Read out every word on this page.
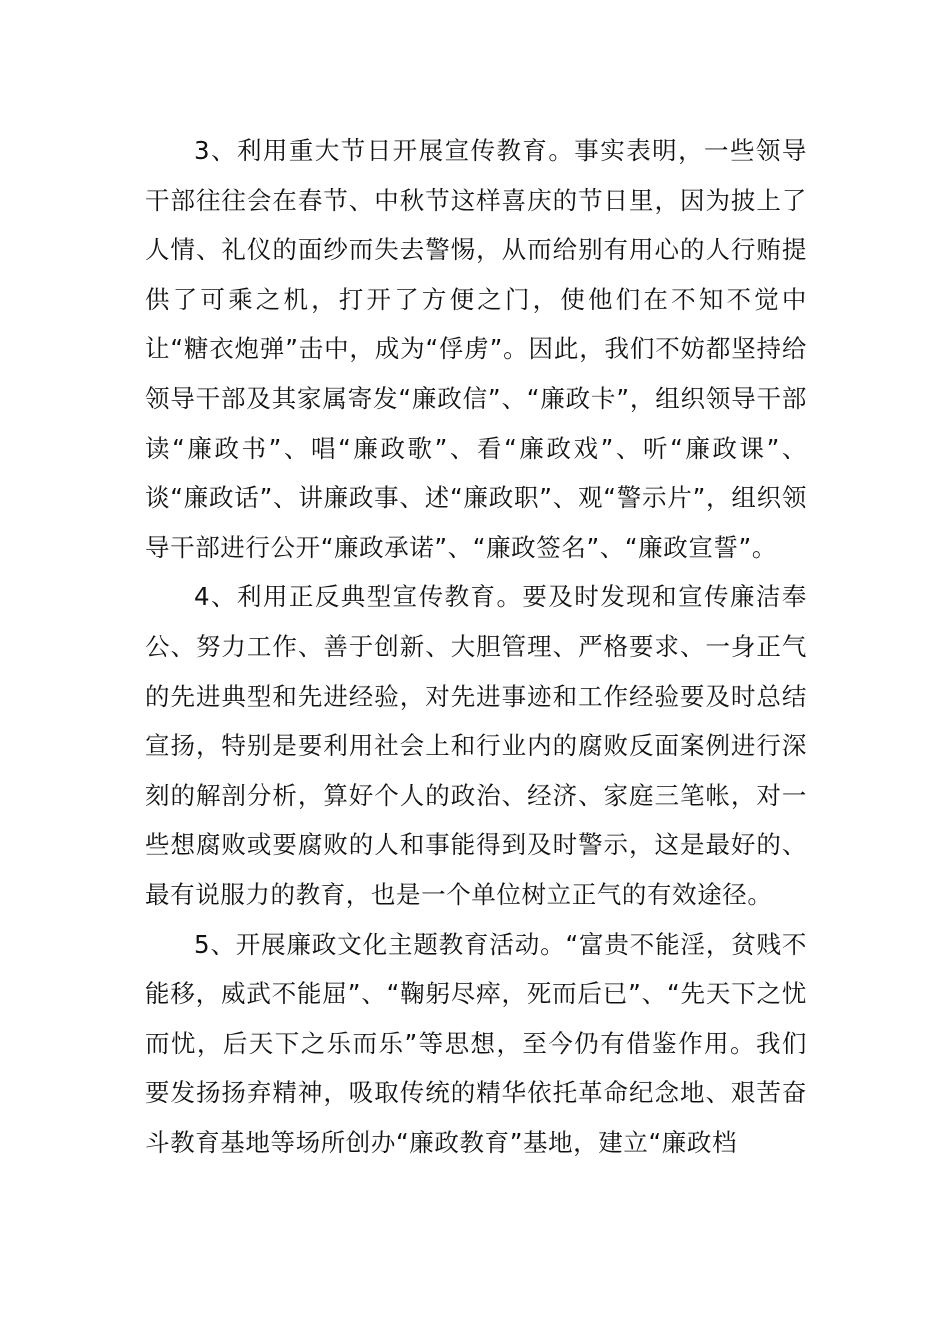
3、利用重大节日开展宣传教育。事实表明，一些领导干部往往会在春节、中秋节这样喜庆的节日里，因为披上了人情、礼仪的面纱而失去警惕，从而给别有用心的人行贿提供了可乘之机，打开了方便之门，使他们在不知不觉中让“糖衣炮弹”击中，成为“俘虏”。因此，我们不妨都坚持给领导干部及其家属寄发“廉政信”、“廉政卡”，组织领导干部读“廉政书”、唱“廉政歌”、看“廉政戏”、听“廉政课”、谈“廉政话”、讲廉政事、述“廉政职”、观“警示片”，组织领导干部进行公开“廉政承诺”、“廉政签名”、“廉政宣誓”。

4、利用正反典型宣传教育。要及时发现和宣传廉洁奉公、努力工作、善于创新、大胆管理、严格要求、一身正气的先进典型和先进经验，对先进事迹和工作经验要及时总结宣扬，特别是要利用社会上和行业内的腐败反面案例进行深刻的解剖分析，算好个人的政治、经济、家庭三笔帐，对一些想腐败或要腐败的人和事能得到及时警示，这是最好的、最有说服力的教育，也是一个单位树立正气的有效途径。

5、开展廉政文化主题教育活动。“富贵不能淫，贫贱不能移，威武不能屈”、“鞠躬尽瘁，死而后已”、“先天下之忧而忧，后天下之乐而乐”等思想，至今仍有借鉴作用。我们要发扬扬弃精神，吸取传统的精华依托革命纪念地、艰苦奋斗教育基地等场所创办“廉政教育”基地，建立“廉政档
